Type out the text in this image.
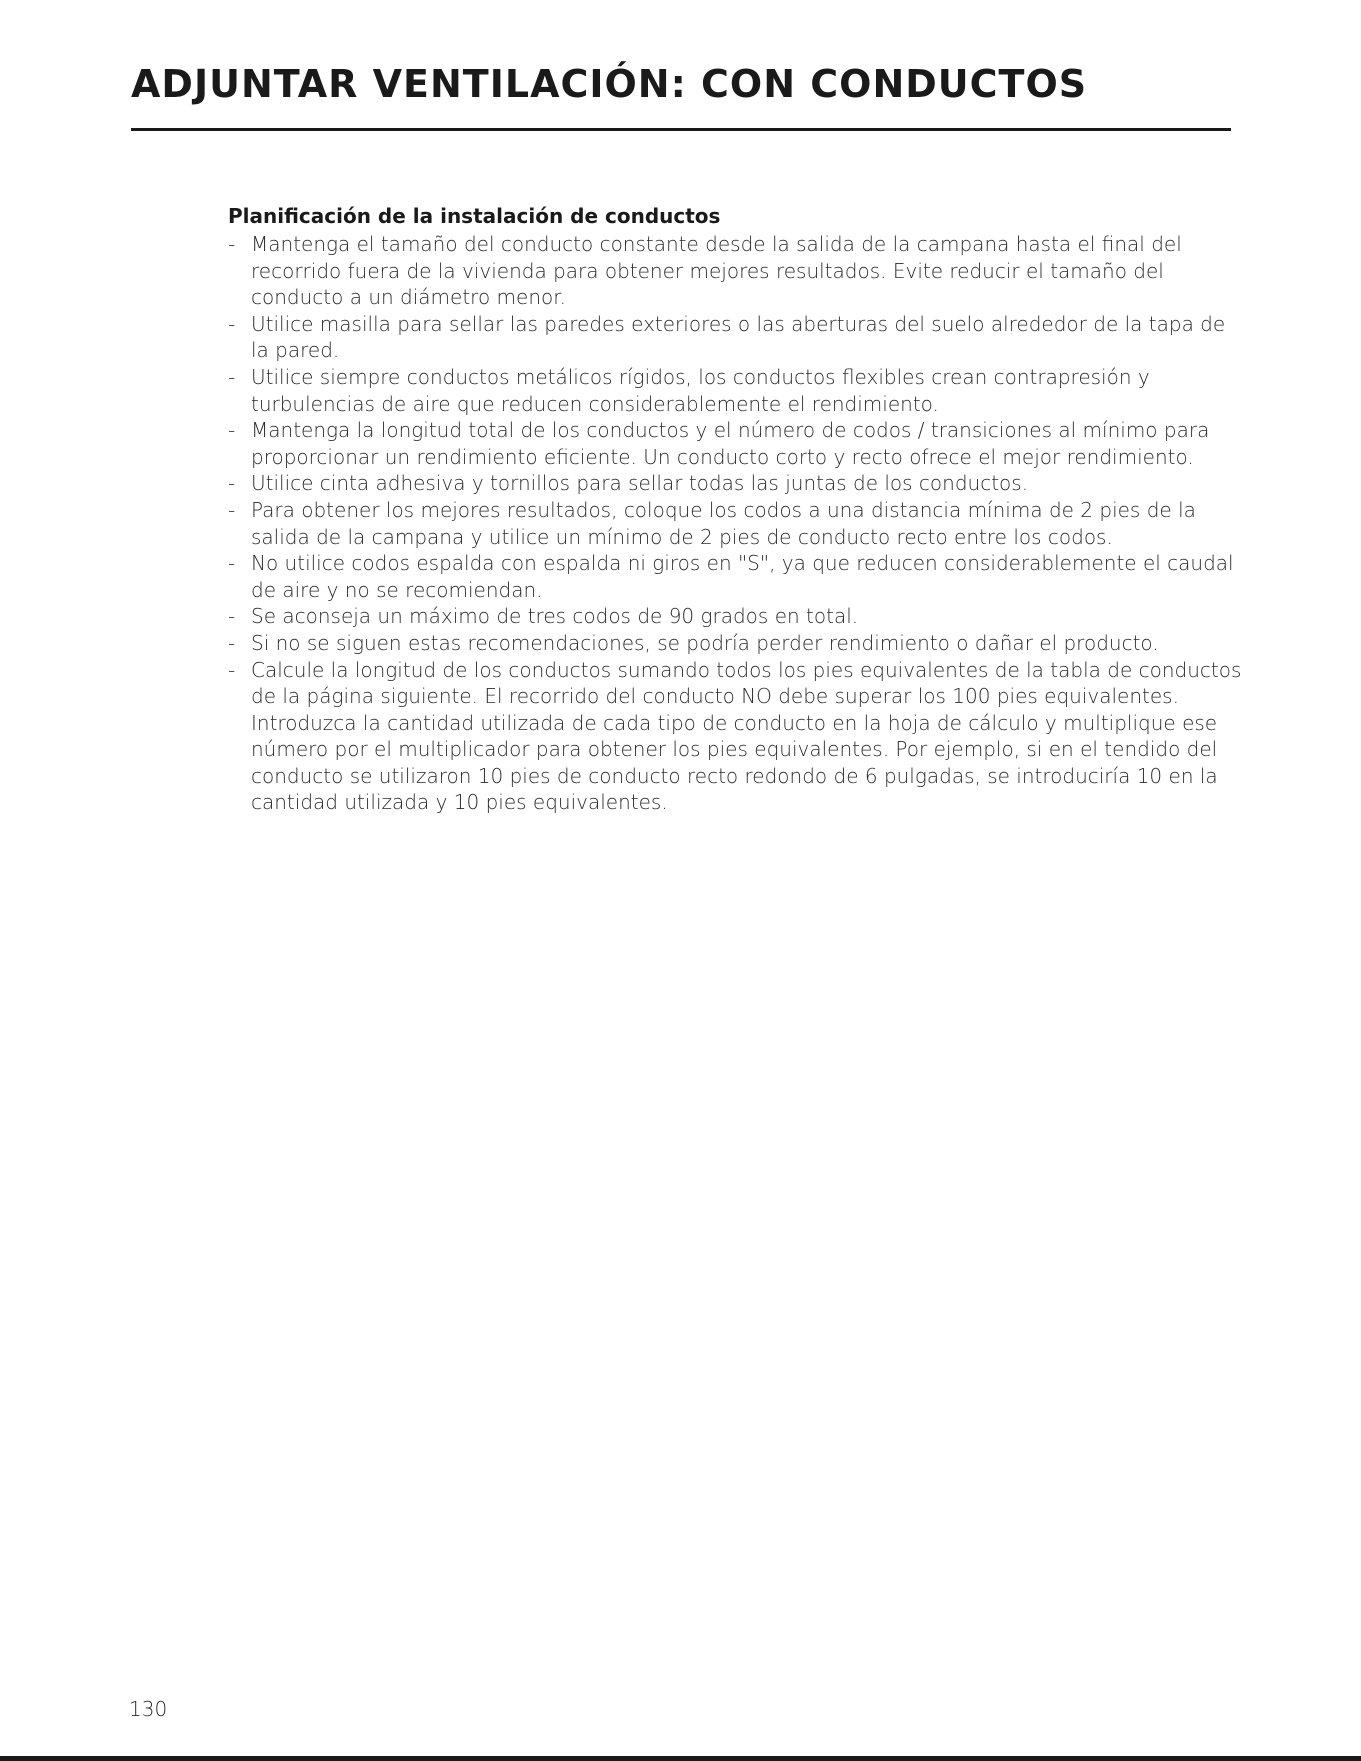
ADJUNTAR VENTILACIÓN: CON CONDUCTOS
Planificación de la instalación de conductos
- Mantenga el tamaño del conducto constante desde la salida de la campana hasta el final del recorrido fuera de la vivienda para obtener mejores resultados. Evite reducir el tamaño del conducto a un diámetro menor.
- Utilice masilla para sellar las paredes exteriores o las aberturas del suelo alrededor de la tapa de la pared.
- Utilice siempre conductos metálicos rígidos, los conductos flexibles crean contrapresión y turbulencias de aire que reducen considerablemente el rendimiento.
- Mantenga la longitud total de los conductos y el número de codos / transiciones al mínimo para proporcionar un rendimiento eficiente. Un conducto corto y recto ofrece el mejor rendimiento.
- Utilice cinta adhesiva y tornillos para sellar todas las juntas de los conductos.
- Para obtener los mejores resultados, coloque los codos a una distancia mínima de 2 pies de la salida de la campana y utilice un mínimo de 2 pies de conducto recto entre los codos.
- No utilice codos espalda con espalda ni giros en "S", ya que reducen considerablemente el caudal de aire y no se recomiendan.
- Se aconseja un máximo de tres codos de 90 grados en total.
- Si no se siguen estas recomendaciones, se podría perder rendimiento o dañar el producto.
- Calcule la longitud de los conductos sumando todos los pies equivalentes de la tabla de conductos de la página siguiente. El recorrido del conducto NO debe superar los 100 pies equivalentes. Introduzca la cantidad utilizada de cada tipo de conducto en la hoja de cálculo y multiplique ese número por el multiplicador para obtener los pies equivalentes. Por ejemplo, si en el tendido del conducto se utilizaron 10 pies de conducto recto redondo de 6 pulgadas, se introduciría 10 en la cantidad utilizada y 10 pies equivalentes.
130
